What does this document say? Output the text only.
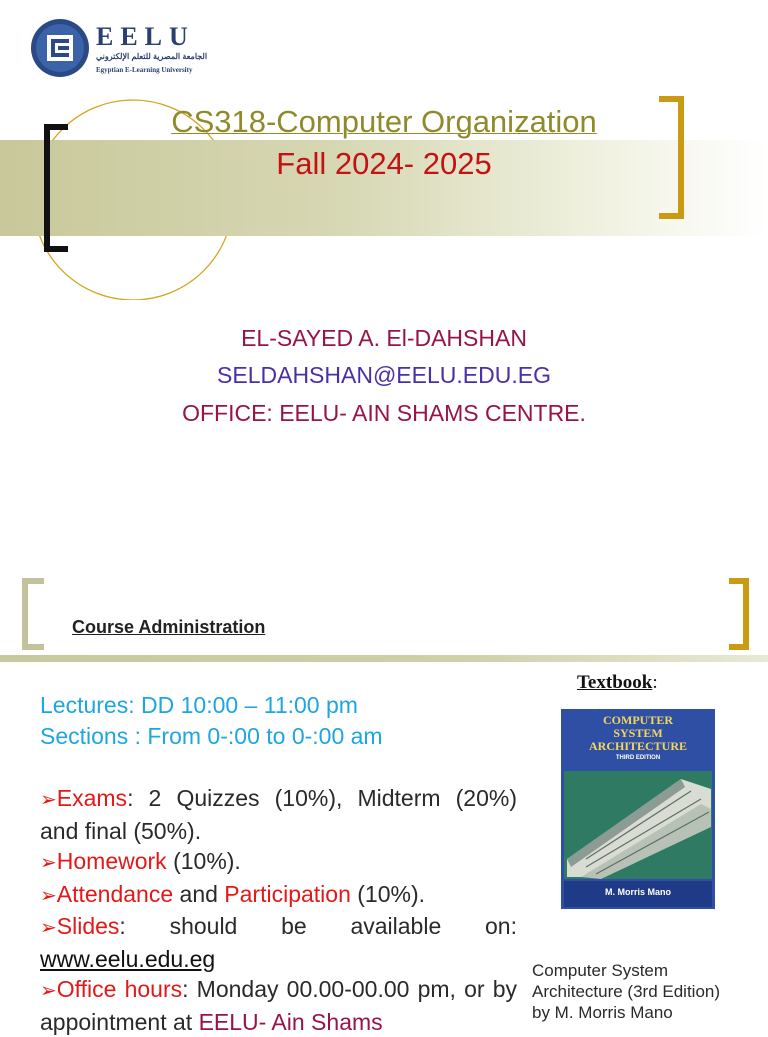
EELU
الجامعة المصرية للتعلم الإلكتروني
Egyptian E-Learning University
CS318-Computer Organization
Fall 2024- 2025
EL-SAYED A. El-DAHSHAN
SELDAHSHAN@EELU.EDU.EG
OFFICE: EELU- AIN SHAMS CENTRE.
Course Administration
Lectures: DD 10:00 – 11:00 pm
Sections : From 0-:00 to 0-:00 am
➢Exams: 2 Quizzes (10%), Midterm (20%) and final (50%).
➢Homework (10%).
➢Attendance and Participation (10%).
➢Slides:     should     be     available     on: www.eelu.edu.eg
➢Office hours: Monday 00.00-00.00 pm, or by appointment at EELU- Ain Shams
Textbook:
COMPUTER
SYSTEM
ARCHITECTURE
THIRD EDITION
M. Morris Mano
Computer System
Architecture (3rd Edition)
by M. Morris Mano
